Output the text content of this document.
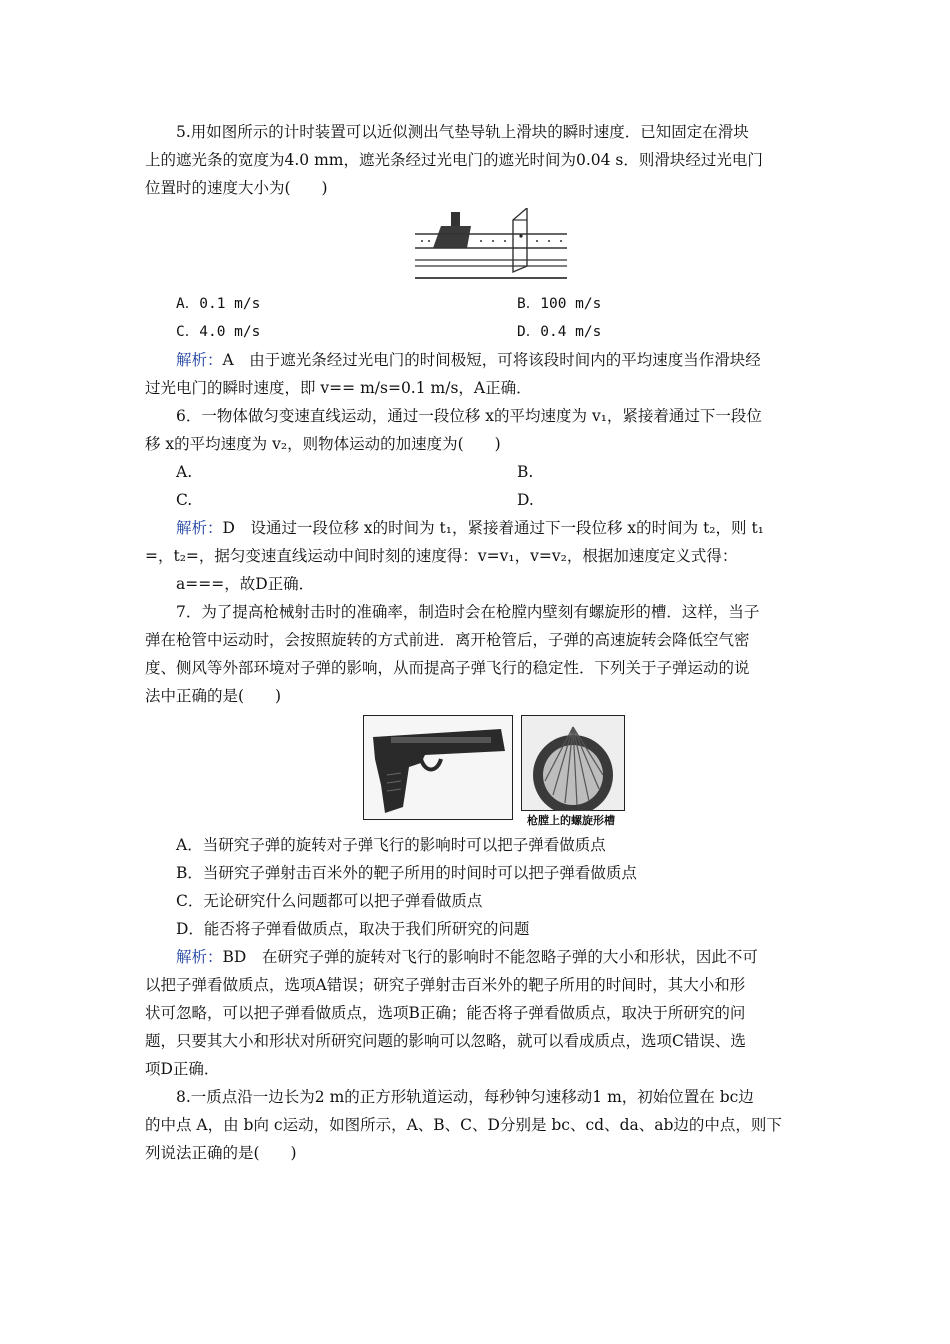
5.用如图所示的计时装置可以近似测出气垫导轨上滑块的瞬时速度．已知固定在滑块
上的遮光条的宽度为4.0 mm，遮光条经过光电门的遮光时间为0.04 s．则滑块经过光电门
位置时的速度大小为(　　)
A．0.1 m/s	B．100 m/s
C．4.0 m/s	D．0.4 m/s
解析：A　由于遮光条经过光电门的时间极短，可将该段时间内的平均速度当作滑块经
过光电门的瞬时速度，即 v== m/s=0.1 m/s，A正确．
6．一物体做匀变速直线运动，通过一段位移 x的平均速度为 v₁，紧接着通过下一段位
移 x的平均速度为 v₂，则物体运动的加速度为(　　)
A.	B.
C.	D.
解析：D　设通过一段位移 x的时间为 t₁，紧接着通过下一段位移 x的时间为 t₂，则 t₁
=，t₂=，据匀变速直线运动中间时刻的速度得：v=v₁，v=v₂，根据加速度定义式得：
a===，故D正确．
7．为了提高枪械射击时的准确率，制造时会在枪膛内壁刻有螺旋形的槽．这样，当子
弹在枪管中运动时，会按照旋转的方式前进．离开枪管后，子弹的高速旋转会降低空气密
度、侧风等外部环境对子弹的影响，从而提高子弹飞行的稳定性．下列关于子弹运动的说
法中正确的是(　　)
枪膛上的螺旋形槽
A．当研究子弹的旋转对子弹飞行的影响时可以把子弹看做质点
B．当研究子弹射击百米外的靶子所用的时间时可以把子弹看做质点
C．无论研究什么问题都可以把子弹看做质点
D．能否将子弹看做质点，取决于我们所研究的问题
解析：BD　在研究子弹的旋转对飞行的影响时不能忽略子弹的大小和形状，因此不可
以把子弹看做质点，选项A错误；研究子弹射击百米外的靶子所用的时间时，其大小和形
状可忽略，可以把子弹看做质点，选项B正确；能否将子弹看做质点，取决于所研究的问
题，只要其大小和形状对所研究问题的影响可以忽略，就可以看成质点，选项C错误、选
项D正确．
8.一质点沿一边长为2 m的正方形轨道运动，每秒钟匀速移动1 m，初始位置在 bc边
的中点 A，由 b向 c运动，如图所示，A、B、C、D分别是 bc、cd、da、ab边的中点，则下
列说法正确的是(　　)
